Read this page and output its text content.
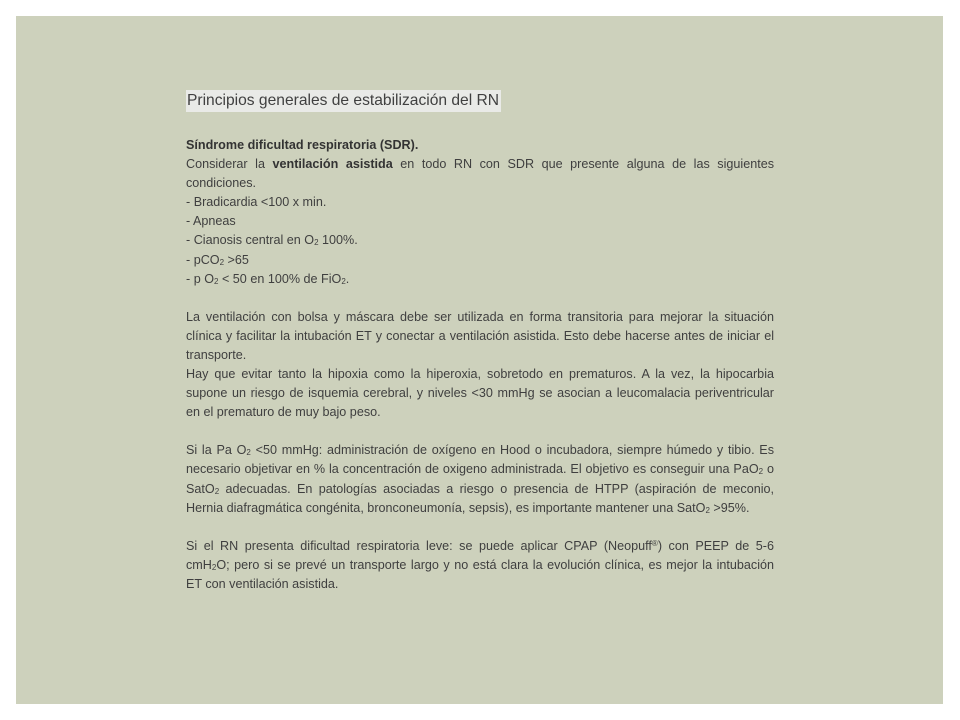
Principios generales de estabilización del RN

Síndrome dificultad respiratoria (SDR).

Considerar la ventilación asistida en todo RN con SDR que presente alguna de las siguientes condiciones.

- Bradicardia <100 x min.

- Apneas

- Cianosis central en $O_2$ 100%.

- pCO$_2$ >65

- p $O_2 < 50$ en 100% de FiO$_2$.

La ventilación con bolsa y máscara debe ser utilizada en forma transitoria para mejorar la situación clínica y facilitar la intubación ET y conectar a ventilación asistida. Esto debe hacerse antes de iniciar el transporte.

Hay que evitar tanto la hipoxia como la hiperoxia, sobretodo en prematuros. A la vez, la hipocarbia supone un riesgo de isquemia cerebral, y niveles <30 mmHg se asocian a leucomalacia periventricular en el prematuro de muy bajo peso.

Si la Pa $O_2 <50$ mmHg: administración de oxígeno en Hood o incubadora, siempre húmedo y tibio. Es necesario objetivar en % la concentración de oxigeno administrada. El objetivo es conseguir una PaO$_2$ o SatO$_2$ adecuadas. En patologías asociadas a riesgo o presencia de HTPP (aspiración de meconio, Hernia diafragmática congénita, bronconeumonía, sepsis), es importante mantener una SatO$_2$ >95%.

Si el RN presenta dificultad respiratoria leve: se puede aplicar CPAP (Neopuff®) con PEEP de 5-6 cmH$_2$O; pero si se prevé un transporte largo y no está clara la evolución clínica, es mejor la intubación ET con ventilación asistida.
